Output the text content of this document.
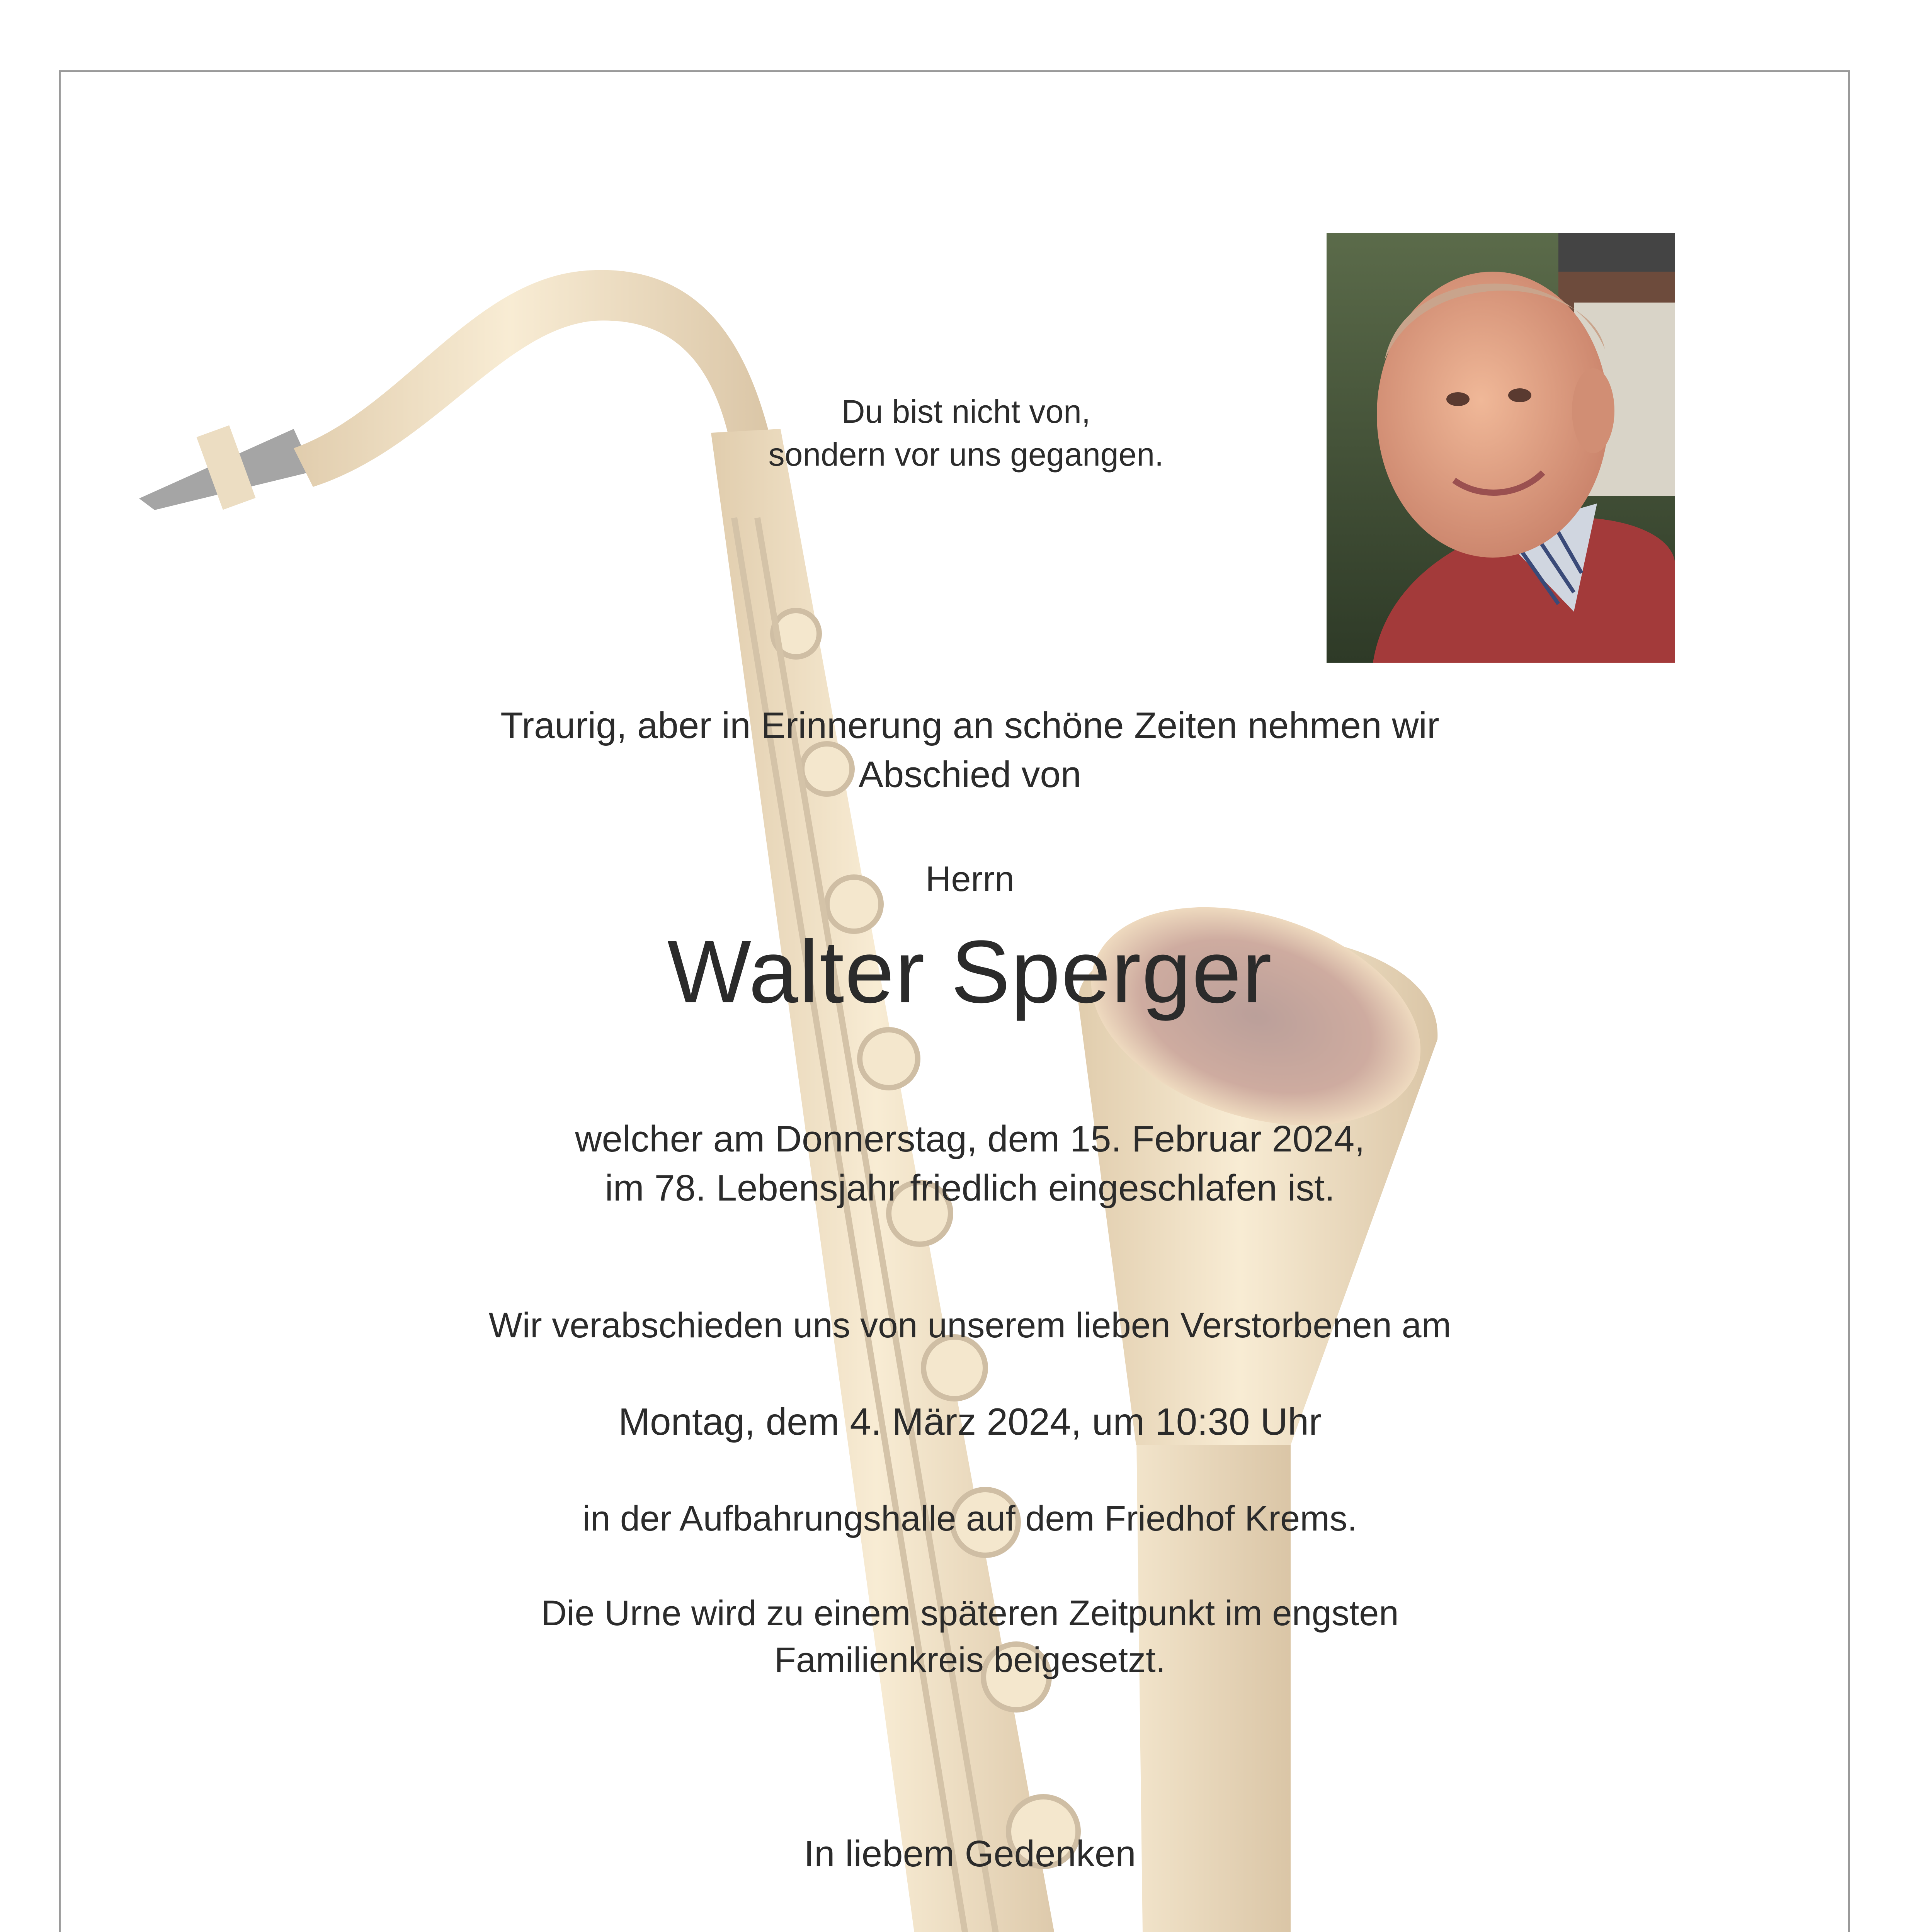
Du bist nicht von,
sondern vor uns gegangen.

Traurig, aber in Erinnerung an schöne Zeiten nehmen wir
Abschied von

Herrn

Walter Sperger

welcher am Donnerstag, dem 15. Februar 2024,
im 78. Lebensjahr friedlich eingeschlafen ist.

Wir verabschieden uns von unserem lieben Verstorbenen am

Montag, dem 4. März 2024, um 10:30 Uhr

in der Aufbahrungshalle auf dem Friedhof Krems.

Die Urne wird zu einem späteren Zeitpunkt im engsten
Familienkreis beigesetzt.

In liebem Gedenken
